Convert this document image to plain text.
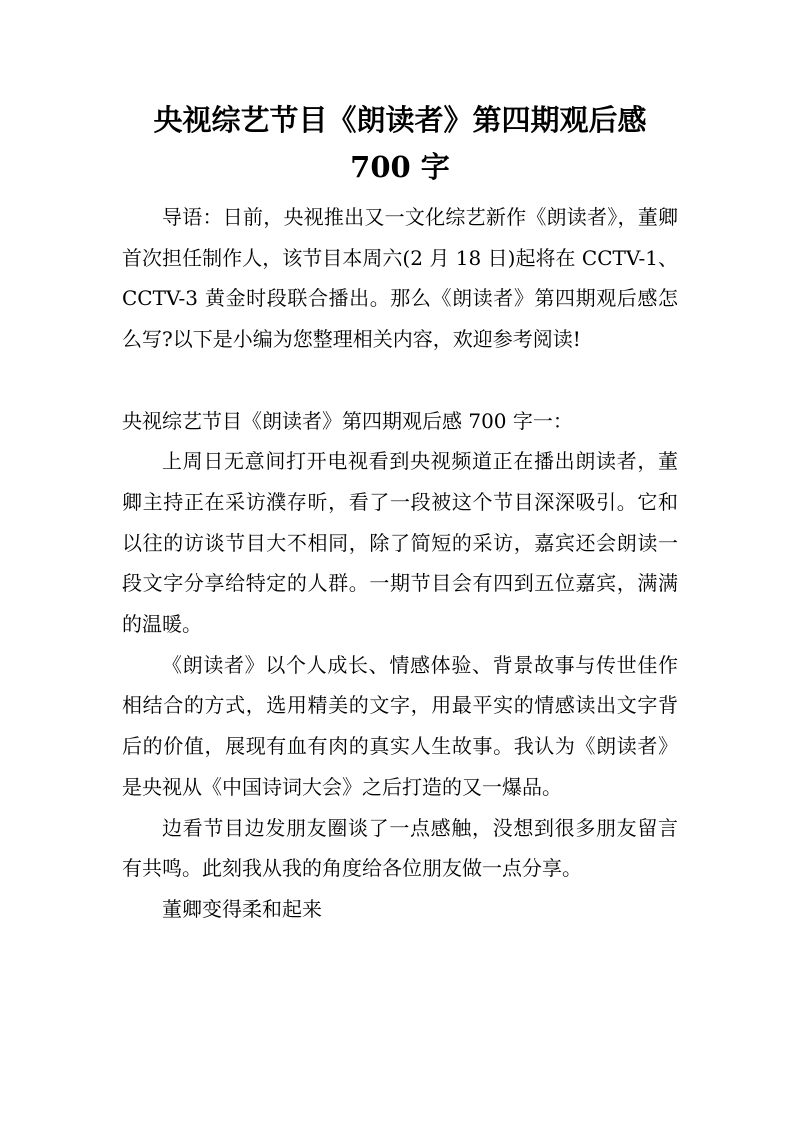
央视综艺节目《朗读者》第四期观后感
700 字

导语：日前，央视推出又一文化综艺新作《朗读者》，董卿首次担任制作人，该节目本周六(2 月 18 日)起将在 CCTV-1、CCTV-3 黄金时段联合播出。那么《朗读者》第四期观后感怎么写?以下是小编为您整理相关内容，欢迎参考阅读!

央视综艺节目《朗读者》第四期观后感 700 字一：

上周日无意间打开电视看到央视频道正在播出朗读者，董卿主持正在采访濮存昕，看了一段被这个节目深深吸引。它和以往的访谈节目大不相同，除了简短的采访，嘉宾还会朗读一段文字分享给特定的人群。一期节目会有四到五位嘉宾，满满的温暖。

《朗读者》以个人成长、情感体验、背景故事与传世佳作相结合的方式，选用精美的文字，用最平实的情感读出文字背后的价值，展现有血有肉的真实人生故事。我认为《朗读者》是央视从《中国诗词大会》之后打造的又一爆品。

边看节目边发朋友圈谈了一点感触，没想到很多朋友留言有共鸣。此刻我从我的角度给各位朋友做一点分享。

董卿变得柔和起来
